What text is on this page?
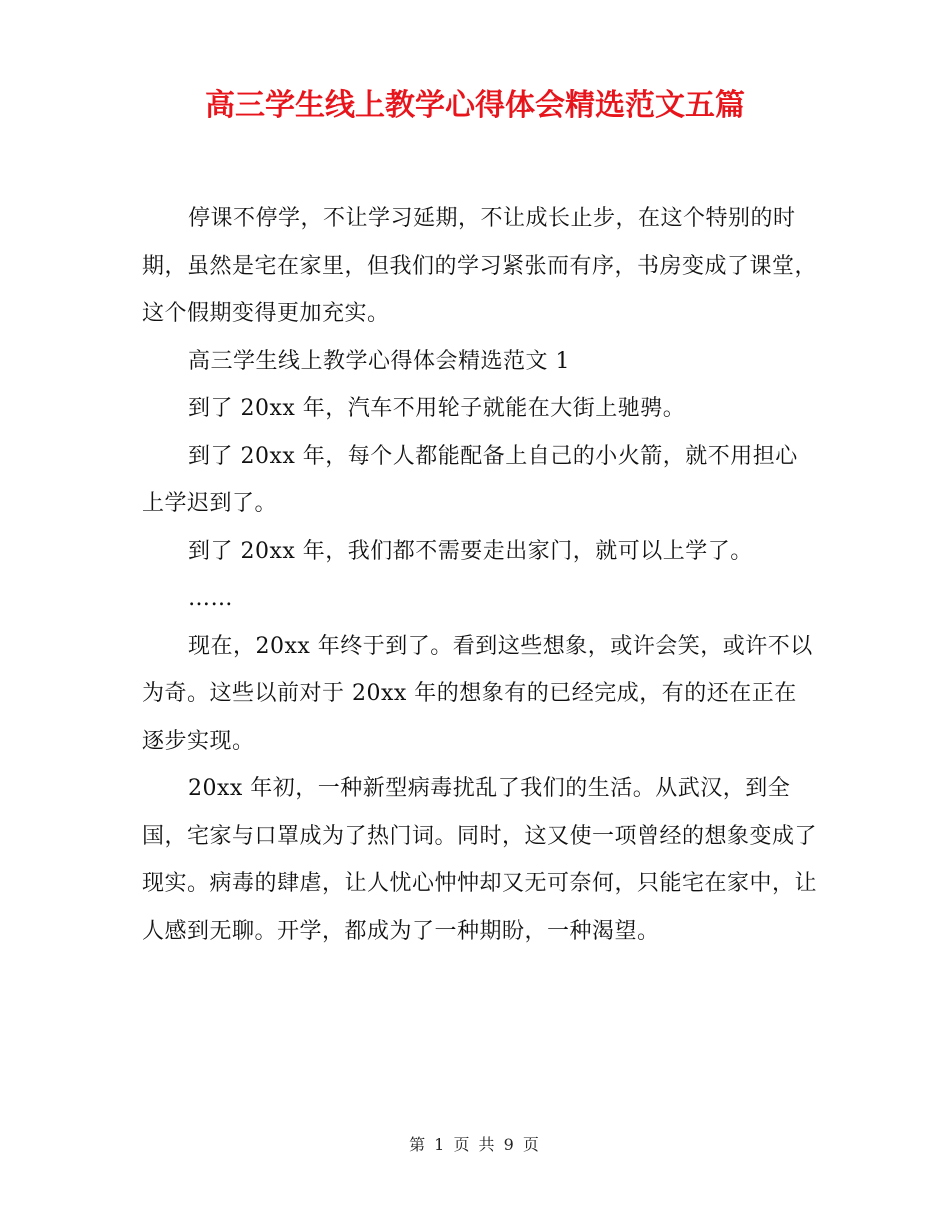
高三学生线上教学心得体会精选范文五篇

停课不停学，不让学习延期，不让成长止步，在这个特别的时期，虽然是宅在家里，但我们的学习紧张而有序，书房变成了课堂，这个假期变得更加充实。

高三学生线上教学心得体会精选范文 1

到了 20xx 年，汽车不用轮子就能在大街上驰骋。

到了 20xx 年，每个人都能配备上自己的小火箭，就不用担心上学迟到了。

到了 20xx 年，我们都不需要走出家门，就可以上学了。

……

现在，20xx 年终于到了。看到这些想象，或许会笑，或许不以为奇。这些以前对于 20xx 年的想象有的已经完成，有的还在正在逐步实现。

20xx 年初，一种新型病毒扰乱了我们的生活。从武汉，到全国，宅家与口罩成为了热门词。同时，这又使一项曾经的想象变成了现实。病毒的肆虐，让人忧心忡忡却又无可奈何，只能宅在家中，让人感到无聊。开学，都成为了一种期盼，一种渴望。

第 1 页 共 9 页
